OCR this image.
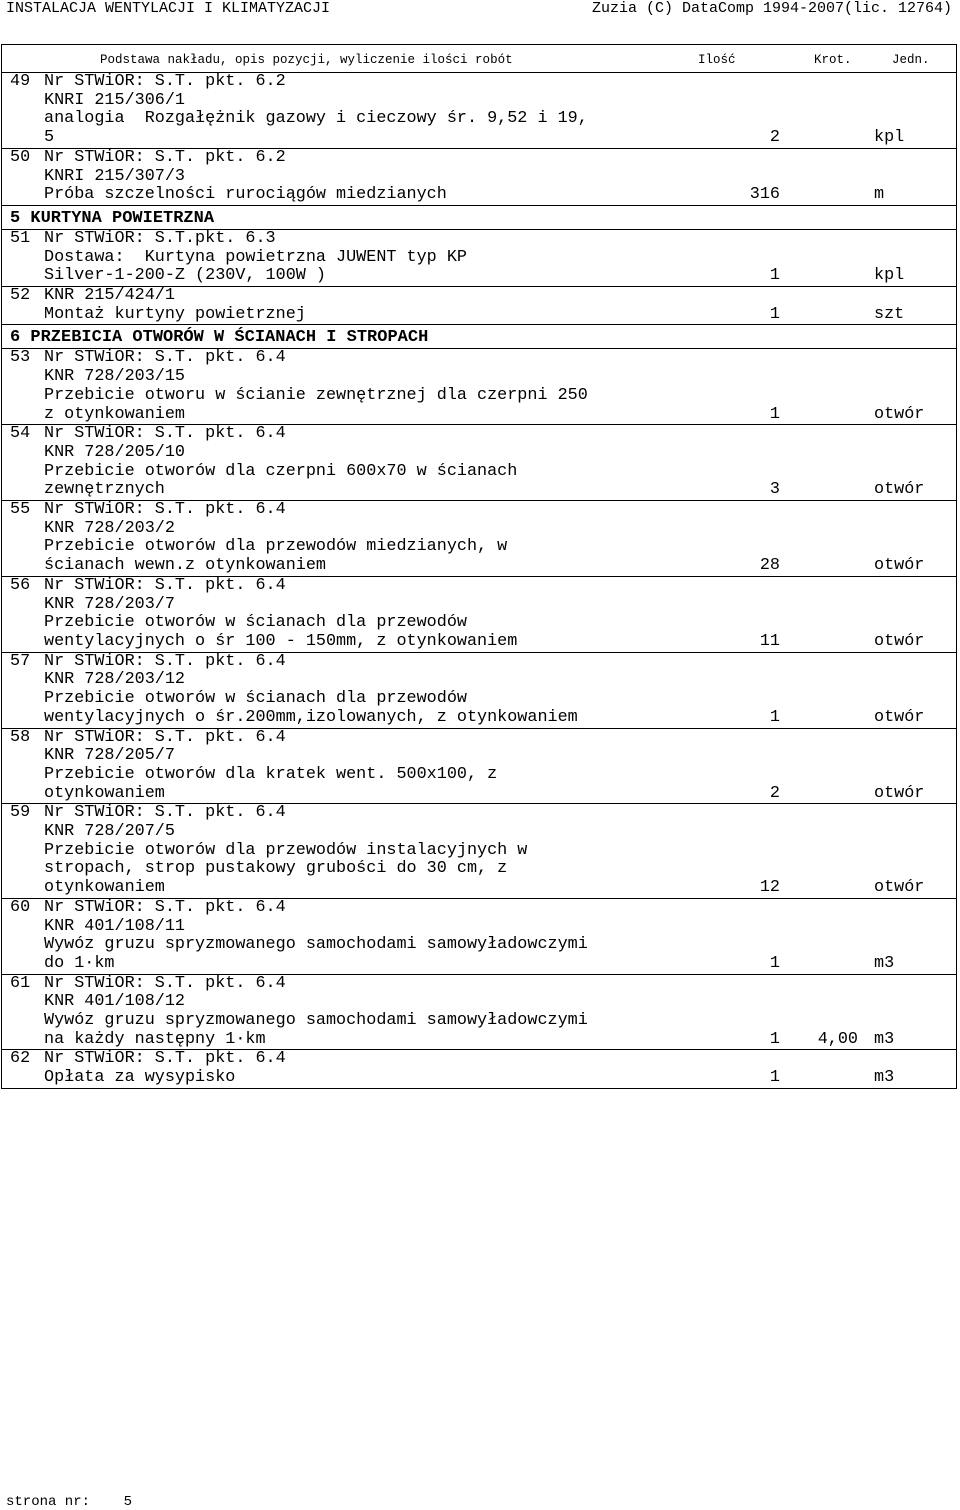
INSTALACJA WENTYLACJI I KLIMATYZACJI	Zuzia (C) DataComp 1994-2007(lic. 12764)
Podstawa nakładu, opis pozycji, wyliczenie ilości robót	Ilość	Krot.	Jedn.
49 Nr STWiOR: S.T. pkt. 6.2
KNRI 215/306/1
analogia  Rozgałężnik gazowy i cieczowy śr. 9,52 i 19,
5	2	kpl

50 Nr STWiOR: S.T. pkt. 6.2
KNRI 215/307/3
Próba szczelności rurociągów miedzianych	316	m

5 KURTYNA POWIETRZNA

51 Nr STWiOR: S.T.pkt. 6.3
Dostawa:  Kurtyna powietrzna JUWENT typ KP
Silver-1-200-Z (230V, 100W )	1	kpl

52 KNR 215/424/1
Montaż kurtyny powietrznej	1	szt

6 PRZEBICIA OTWORÓW W ŚCIANACH I STROPACH

53 Nr STWiOR: S.T. pkt. 6.4
KNR 728/203/15
Przebicie otworu w ścianie zewnętrznej dla czerpni 250
z otynkowaniem	1	otwór

54 Nr STWiOR: S.T. pkt. 6.4
KNR 728/205/10
Przebicie otworów dla czerpni 600x70 w ścianach
zewnętrznych	3	otwór

55 Nr STWiOR: S.T. pkt. 6.4
KNR 728/203/2
Przebicie otworów dla przewodów miedzianych, w
ścianach wewn.z otynkowaniem	28	otwór

56 Nr STWiOR: S.T. pkt. 6.4
KNR 728/203/7
Przebicie otworów w ścianach dla przewodów
wentylacyjnych o śr 100 - 150mm, z otynkowaniem	11	otwór

57 Nr STWiOR: S.T. pkt. 6.4
KNR 728/203/12
Przebicie otworów w ścianach dla przewodów
wentylacyjnych o śr.200mm,izolowanych, z otynkowaniem	1	otwór

58 Nr STWiOR: S.T. pkt. 6.4
KNR 728/205/7
Przebicie otworów dla kratek went. 500x100, z
otynkowaniem	2	otwór

59 Nr STWiOR: S.T. pkt. 6.4
KNR 728/207/5
Przebicie otworów dla przewodów instalacyjnych w
stropach, strop pustakowy grubości do 30 cm, z
otynkowaniem	12	otwór

60 Nr STWiOR: S.T. pkt. 6.4
KNR 401/108/11
Wywóz gruzu spryzmowanego samochodami samowyładowczymi
do 1·km	1	m3

61 Nr STWiOR: S.T. pkt. 6.4
KNR 401/108/12
Wywóz gruzu spryzmowanego samochodami samowyładowczymi
na każdy następny 1·km	1 4,00 m3

62 Nr STWiOR: S.T. pkt. 6.4
Opłata za wysypisko	1	m3
strona nr: 5
